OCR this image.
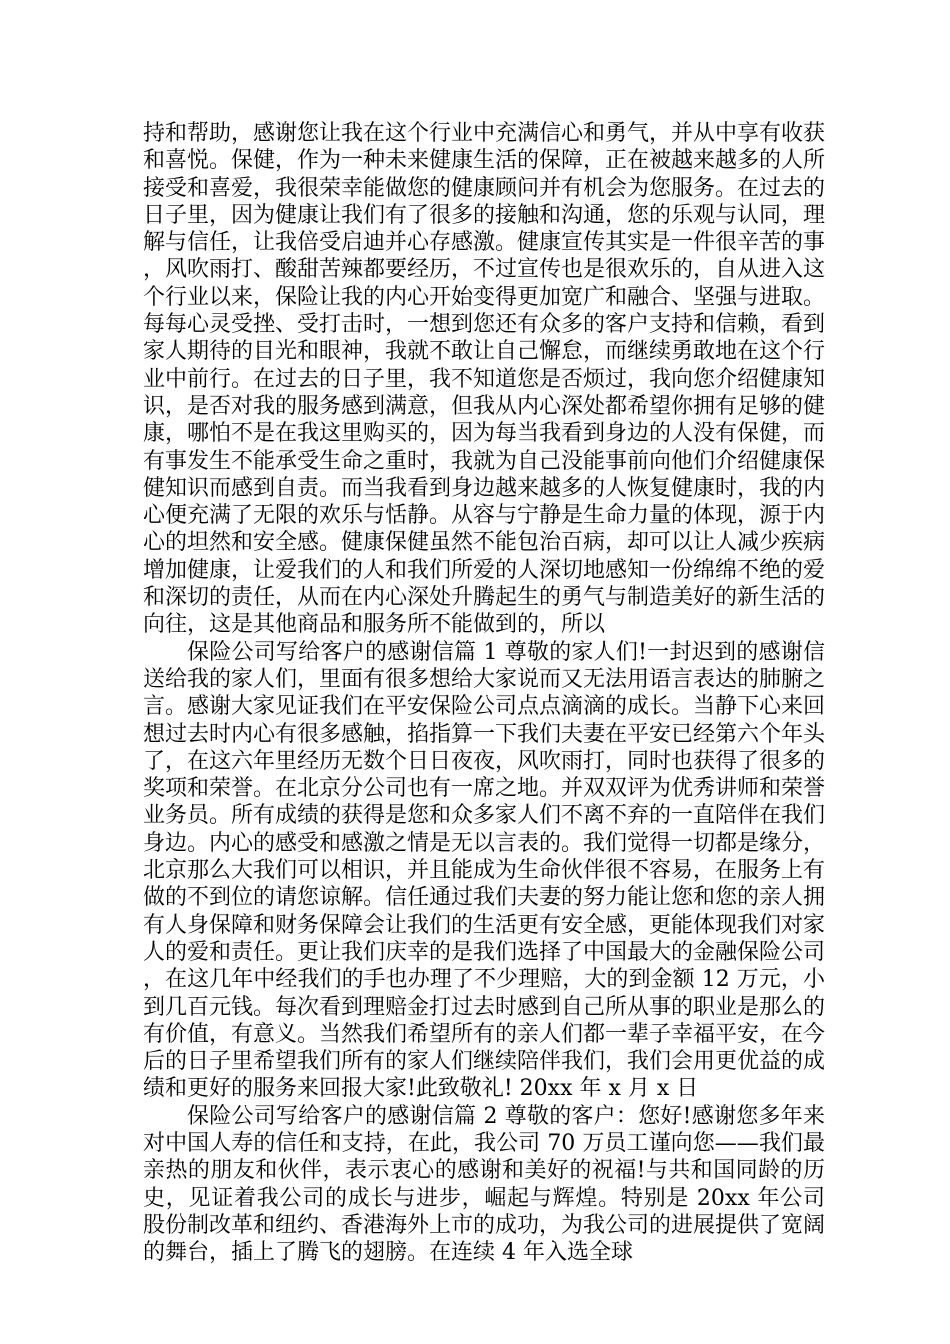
持和帮助，感谢您让我在这个行业中充满信心和勇气，并从中享有收获和喜悦。保健，作为一种未来健康生活的保障，正在被越来越多的人所接受和喜爱，我很荣幸能做您的健康顾问并有机会为您服务。在过去的日子里，因为健康让我们有了很多的接触和沟通，您的乐观与认同，理解与信任，让我倍受启迪并心存感激。健康宣传其实是一件很辛苦的事，风吹雨打、酸甜苦辣都要经历，不过宣传也是很欢乐的，自从进入这个行业以来，保险让我的内心开始变得更加宽广和融合、坚强与进取。每每心灵受挫、受打击时，一想到您还有众多的客户支持和信赖，看到家人期待的目光和眼神，我就不敢让自己懈怠，而继续勇敢地在这个行业中前行。在过去的日子里，我不知道您是否烦过，我向您介绍健康知识，是否对我的服务感到满意，但我从内心深处都希望你拥有足够的健康，哪怕不是在我这里购买的，因为每当我看到身边的人没有保健，而有事发生不能承受生命之重时，我就为自己没能事前向他们介绍健康保健知识而感到自责。而当我看到身边越来越多的人恢复健康时，我的内心便充满了无限的欢乐与恬静。从容与宁静是生命力量的体现，源于内心的坦然和安全感。健康保健虽然不能包治百病，却可以让人减少疾病增加健康，让爱我们的人和我们所爱的人深切地感知一份绵绵不绝的爱和深切的责任，从而在内心深处升腾起生的勇气与制造美好的新生活的向往，这是其他商品和服务所不能做到的，所以

保险公司写给客户的感谢信篇 1 尊敬的家人们!一封迟到的感谢信送给我的家人们，里面有很多想给大家说而又无法用语言表达的肺腑之言。感谢大家见证我们在平安保险公司点点滴滴的成长。当静下心来回想过去时内心有很多感触，掐指算一下我们夫妻在平安已经第六个年头了，在这六年里经历无数个日日夜夜，风吹雨打，同时也获得了很多的奖项和荣誉。在北京分公司也有一席之地。并双双评为优秀讲师和荣誉业务员。所有成绩的获得是您和众多家人们不离不弃的一直陪伴在我们身边。内心的感受和感激之情是无以言表的。我们觉得一切都是缘分，北京那么大我们可以相识，并且能成为生命伙伴很不容易，在服务上有做的不到位的请您谅解。信任通过我们夫妻的努力能让您和您的亲人拥有人身保障和财务保障会让我们的生活更有安全感，更能体现我们对家人的爱和责任。更让我们庆幸的是我们选择了中国最大的金融保险公司，在这几年中经我们的手也办理了不少理赔，大的到金额 12 万元，小到几百元钱。每次看到理赔金打过去时感到自己所从事的职业是那么的有价值，有意义。当然我们希望所有的亲人们都一辈子幸福平安，在今后的日子里希望我们所有的家人们继续陪伴我们，我们会用更优益的成绩和更好的服务来回报大家!此致敬礼! 20xx 年 x 月 x 日

保险公司写给客户的感谢信篇 2 尊敬的客户：您好!感谢您多年来对中国人寿的信任和支持，在此，我公司 70 万员工谨向您——我们最亲热的朋友和伙伴，表示衷心的感谢和美好的祝福!与共和国同龄的历史，见证着我公司的成长与进步，崛起与辉煌。特别是 20xx 年公司股份制改革和纽约、香港海外上市的成功，为我公司的进展提供了宽阔的舞台，插上了腾飞的翅膀。在连续 4 年入选全球
